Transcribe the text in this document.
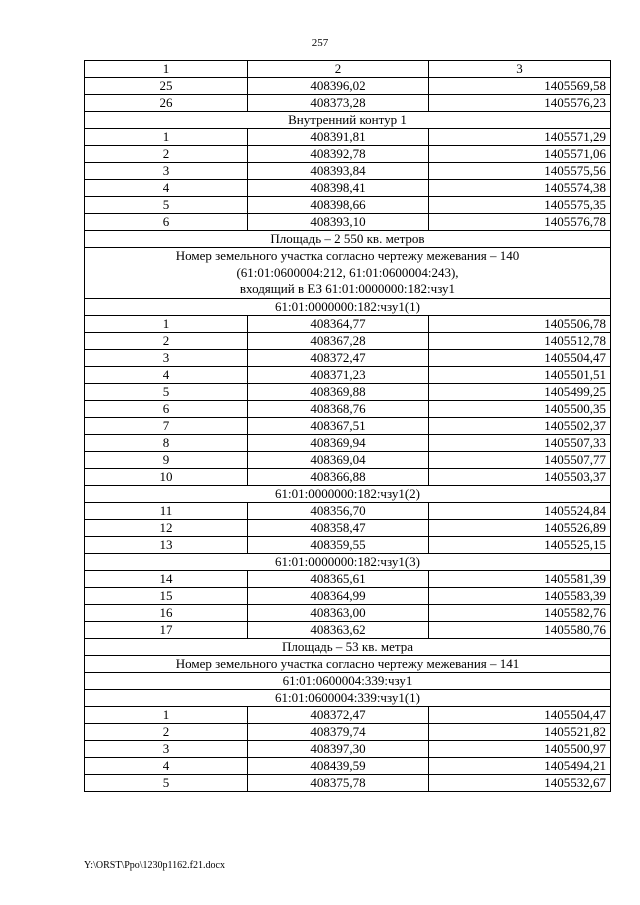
257
1	2	3
25	408396,02	1405569,58
26	408373,28	1405576,23
Внутренний контур 1		
1	408391,81	1405571,29
2	408392,78	1405571,06
3	408393,84	1405575,56
4	408398,41	1405574,38
5	408398,66	1405575,35
6	408393,10	1405576,78
Площадь – 2 550 кв. метров		

Номер земельного участка согласно чертежу межевания – 140
(61:01:0600004:212, 61:01:0600004:243),
входящий в ЕЗ 61:01:0000000:182:чзу1		

61:01:0000000:182:чзу1(1)		
1	408364,77	1405506,78
2	408367,28	1405512,78
3	408372,47	1405504,47
4	408371,23	1405501,51
5	408369,88	1405499,25
6	408368,76	1405500,35
7	408367,51	1405502,37
8	408369,94	1405507,33
9	408369,04	1405507,77
10	408366,88	1405503,37
61:01:0000000:182:чзу1(2)		
11	408356,70	1405524,84
12	408358,47	1405526,89
13	408359,55	1405525,15
61:01:0000000:182:чзу1(3)		
14	408365,61	1405581,39
15	408364,99	1405583,39
16	408363,00	1405582,76
17	408363,62	1405580,76
Площадь – 53 кв. метра		
Номер земельного участка согласно чертежу межевания – 141		
61:01:0600004:339:чзу1		
61:01:0600004:339:чзу1(1)		
1	408372,47	1405504,47
2	408379,74	1405521,82
3	408397,30	1405500,97
4	408439,59	1405494,21
5	408375,78	1405532,67
Y:\ORST\Ppo\1230p1162.f21.docx
